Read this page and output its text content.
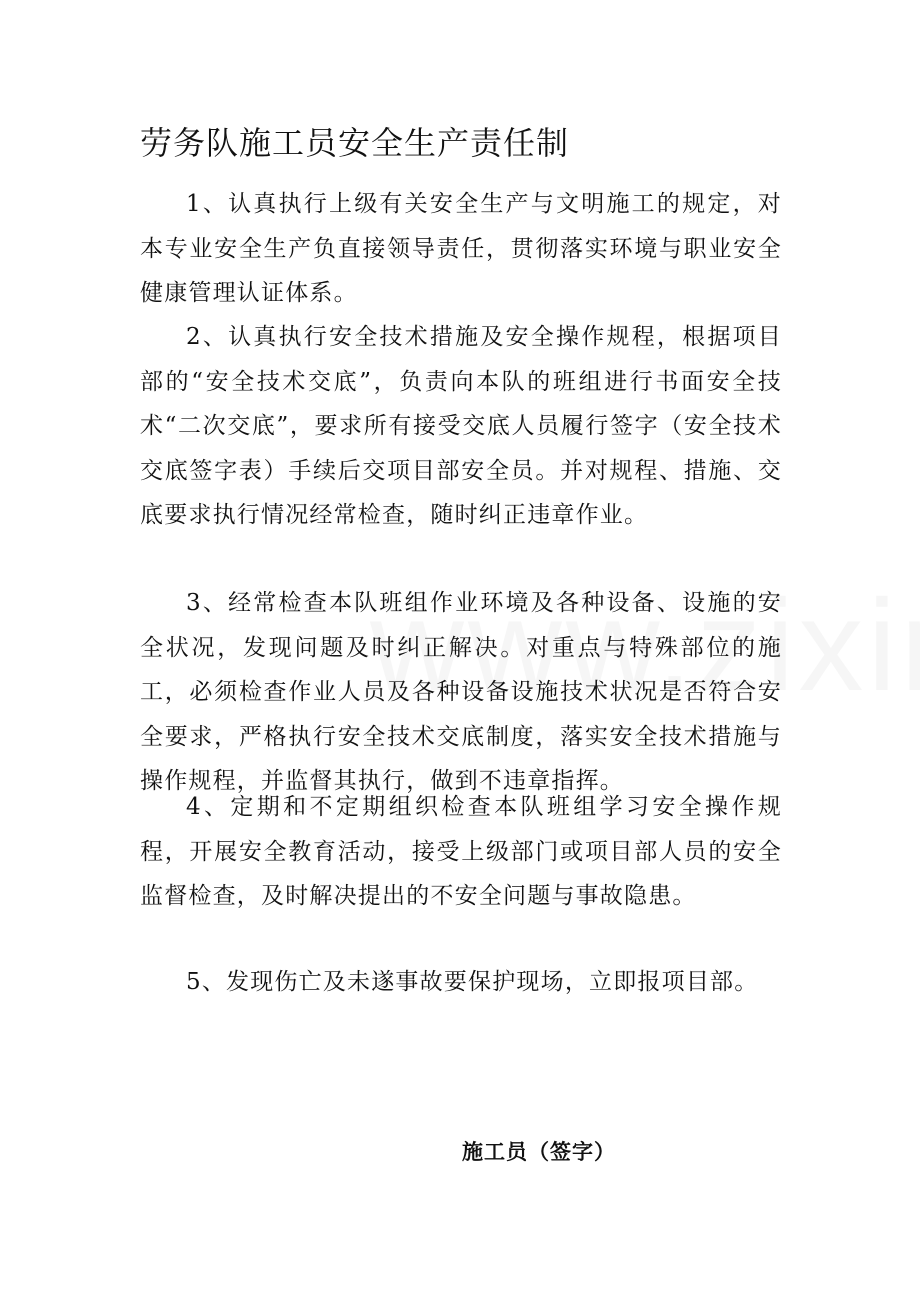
劳务队施工员安全生产责任制

1、认真执行上级有关安全生产与文明施工的规定，对本专业安全生产负直接领导责任，贯彻落实环境与职业安全健康管理认证体系。

2、认真执行安全技术措施及安全操作规程，根据项目部的“安全技术交底”，负责向本队的班组进行书面安全技术“二次交底”，要求所有接受交底人员履行签字（安全技术交底签字表）手续后交项目部安全员。并对规程、措施、交底要求执行情况经常检查，随时纠正违章作业。

3、经常检查本队班组作业环境及各种设备、设施的安全状况，发现问题及时纠正解决。对重点与特殊部位的施工，必须检查作业人员及各种设备设施技术状况是否符合安全要求，严格执行安全技术交底制度，落实安全技术措施与操作规程，并监督其执行，做到不违章指挥。

4、定期和不定期组织检查本队班组学习安全操作规程，开展安全教育活动，接受上级部门或项目部人员的安全监督检查，及时解决提出的不安全问题与事故隐患。

5、发现伤亡及未遂事故要保护现场，立即报项目部。

施工员（签字）
